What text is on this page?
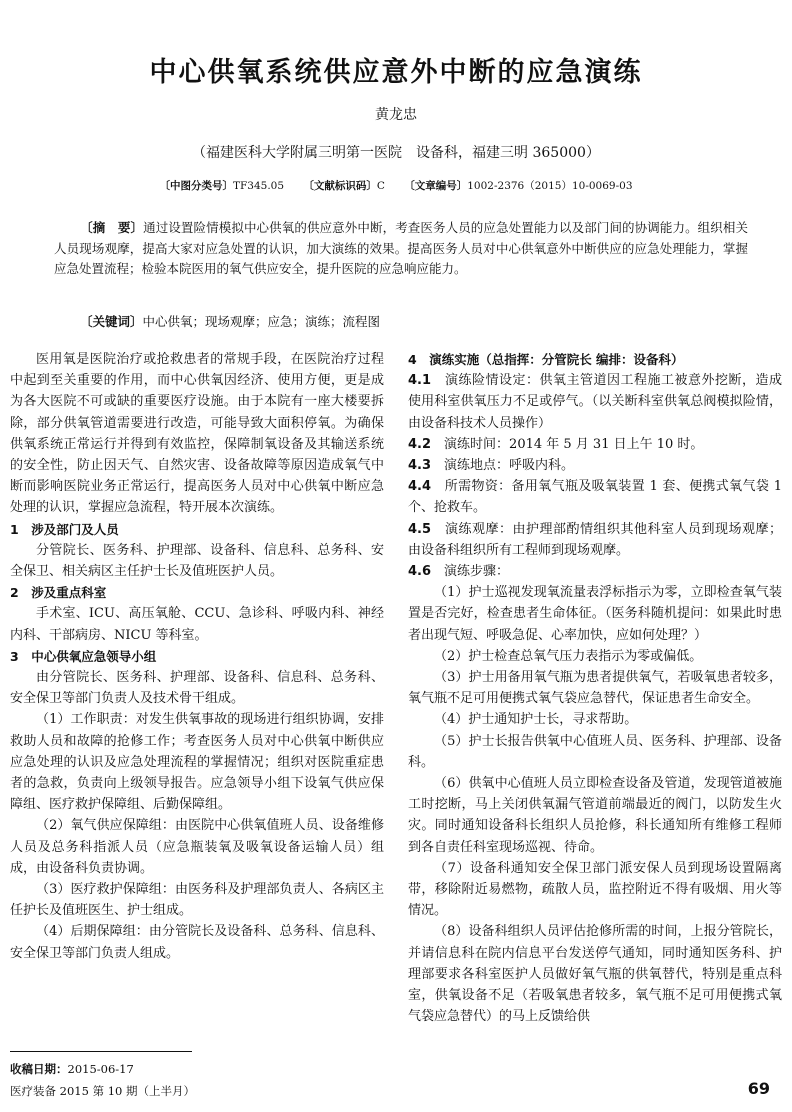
中心供氧系统供应意外中断的应急演练
黄龙忠
（福建医科大学附属三明第一医院　设备科，福建三明 365000）
〔中图分类号〕TF345.05 〔文献标识码〕C 〔文章编号〕1002-2376（2015）10-0069-03
〔摘　要〕通过设置险情模拟中心供氧的供应意外中断，考查医务人员的应急处置能力以及部门间的协调能力。组织相关人员现场观摩，提高大家对应急处置的认识，加大演练的效果。提高医务人员对中心供氧意外中断供应的应急处理能力，掌握应急处置流程；检验本院医用的氧气供应安全，提升医院的应急响应能力。
〔关键词〕中心供氧；现场观摩；应急；演练；流程图

医用氧是医院治疗或抢救患者的常规手段，在医院治疗过程中起到至关重要的作用，而中心供氧因经济、使用方便，更是成为各大医院不可或缺的重要医疗设施。由于本院有一座大楼要拆除，部分供氧管道需要进行改造，可能导致大面积停氧。为确保供氧系统正常运行并得到有效监控，保障制氧设备及其输送系统的安全性，防止因天气、自然灾害、设备故障等原因造成氧气中断而影响医院业务正常运行，提高医务人员对中心供氧中断应急处理的认识，掌握应急流程，特开展本次演练。

1　涉及部门及人员

分管院长、医务科、护理部、设备科、信息科、总务科、安全保卫、相关病区主任护士长及值班医护人员。

2　涉及重点科室

手术室、ICU、高压氧舱、CCU、急诊科、呼吸内科、神经内科、干部病房、NICU 等科室。

3　中心供氧应急领导小组

由分管院长、医务科、护理部、设备科、信息科、总务科、安全保卫等部门负责人及技术骨干组成。

（1）工作职责：对发生供氧事故的现场进行组织协调，安排救助人员和故障的抢修工作；考查医务人员对中心供氧中断供应应急处理的认识及应急处理流程的掌握情况；组织对医院重症患者的急救，负责向上级领导报告。应急领导小组下设氧气供应保障组、医疗救护保障组、后勤保障组。

（2）氧气供应保障组：由医院中心供氧值班人员、设备维修人员及总务科指派人员（应急瓶装氧及吸氧设备运输人员）组成，由设备科负责协调。

（3）医疗救护保障组：由医务科及护理部负责人、各病区主任护长及值班医生、护士组成。

（4）后期保障组：由分管院长及设备科、总务科、信息科、安全保卫等部门负责人组成。

4　演练实施（总指挥：分管院长 编排：设备科）

4.1　 演练险情设定：供氧主管道因工程施工被意外挖断，造成使用科室供氧压力不足或停气。（以关断科室供氧总阀模拟险情，由设备科技术人员操作）

4.2　 演练时间：2014 年 5 月 31 日上午 10 时。

4.3　 演练地点：呼吸内科。

4.4　 所需物资：备用氧气瓶及吸氧装置 1 套、便携式氧气袋 1 个、抢救车。

4.5　 演练观摩：由护理部酌情组织其他科室人员到现场观摩；由设备科组织所有工程师到现场观摩。

4.6　 演练步骤：

（1）护士巡视发现氧流量表浮标指示为零，立即检查氧气装置是否完好，检查患者生命体征。（医务科随机提问：如果此时患者出现气短、呼吸急促、心率加快，应如何处理？）

（2）护士检查总氧气压力表指示为零或偏低。

（3）护士用备用氧气瓶为患者提供氧气，若吸氧患者较多，氧气瓶不足可用便携式氧气袋应急替代，保证患者生命安全。

（4）护士通知护士长，寻求帮助。

（5）护士长报告供氧中心值班人员、医务科、护理部、设备科。

（6）供氧中心值班人员立即检查设备及管道，发现管道被施工时挖断，马上关闭供氧漏气管道前端最近的阀门，以防发生火灾。同时通知设备科长组织人员抢修，科长通知所有维修工程师到各自责任科室现场巡视、待命。

（7）设备科通知安全保卫部门派安保人员到现场设置隔离带，移除附近易燃物，疏散人员，监控附近不得有吸烟、用火等情况。

（8）设备科组织人员评估抢修所需的时间，上报分管院长，并请信息科在院内信息平台发送停气通知，同时通知医务科、护理部要求各科室医护人员做好氧气瓶的供氧替代，特别是重点科室，供氧设备不足（若吸氧患者较多，氧气瓶不足可用便携式氧气袋应急替代）的马上反馈给供

收稿日期：2015-06-17
医疗装备 2015 第 10 期（上半月）	69
